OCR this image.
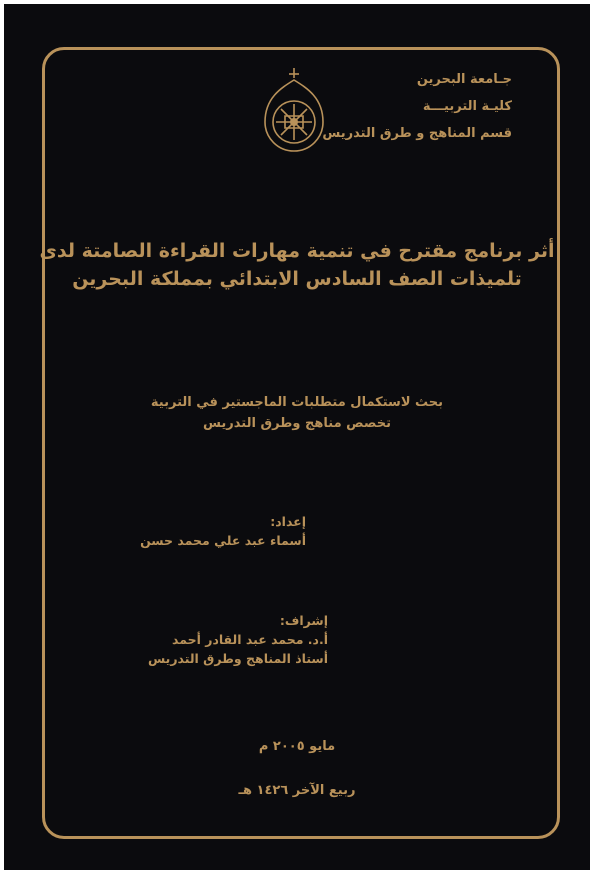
جـامعة البحرين
كليـة التربيـــة
قسم المناهج و طرق التدريس
أثر برنامج مقترح في تنمية مهارات القراءة الصامتة لدى
تلميذات الصف السادس الابتدائي بمملكة البحرين
بحث لاستكمال متطلبات الماجستير في التربية
تخصص مناهج وطرق التدريس
إعداد:
أسماء عبد علي محمد حسن
إشراف:
أ.د. محمد عبد القادر أحمد
أستاذ المناهج وطرق التدريس
مايو ٢٠٠٥ م
ربيع الآخر ١٤٢٦ هـ
